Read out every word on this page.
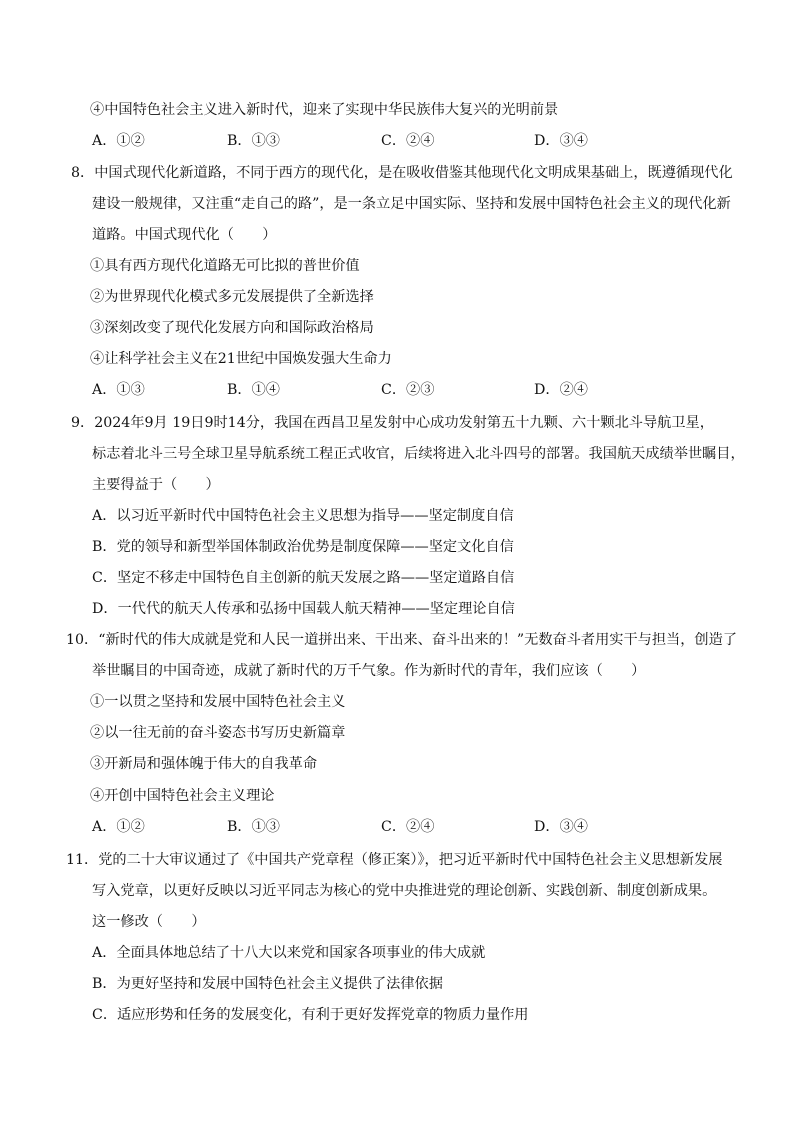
④中国特色社会主义进入新时代，迎来了实现中华民族伟大复兴的光明前景
A．①②	B．①③	C．②④	D．③④
8．中国式现代化新道路，不同于西方的现代化，是在吸收借鉴其他现代化文明成果基础上，既遵循现代化
建设一般规律，又注重“走自己的路”，是一条立足中国实际、坚持和发展中国特色社会主义的现代化新
道路。中国式现代化（　　）
①具有西方现代化道路无可比拟的普世价值
②为世界现代化模式多元发展提供了全新选择
③深刻改变了现代化发展方向和国际政治格局
④让科学社会主义在21世纪中国焕发强大生命力
A．①③	B．①④	C．②③	D．②④
9．2024年9月 19日9时14分，我国在西昌卫星发射中心成功发射第五十九颗、六十颗北斗导航卫星，
标志着北斗三号全球卫星导航系统工程正式收官，后续将进入北斗四号的部署。我国航天成绩举世瞩目，
主要得益于（　　）
A．以习近平新时代中国特色社会主义思想为指导——坚定制度自信
B．党的领导和新型举国体制政治优势是制度保障——坚定文化自信
C．坚定不移走中国特色自主创新的航天发展之路——坚定道路自信
D．一代代的航天人传承和弘扬中国载人航天精神——坚定理论自信
10．“新时代的伟大成就是党和人民一道拼出来、干出来、奋斗出来的！”无数奋斗者用实干与担当，创造了
举世瞩目的中国奇迹，成就了新时代的万千气象。作为新时代的青年，我们应该（　　）
①一以贯之坚持和发展中国特色社会主义
②以一往无前的奋斗姿态书写历史新篇章
③开新局和强体魄于伟大的自我革命
④开创中国特色社会主义理论
A．①②	B．①③	C．②④	D．③④
11．党的二十大审议通过了《中国共产党章程（修正案）》，把习近平新时代中国特色社会主义思想新发展
写入党章，以更好反映以习近平同志为核心的党中央推进党的理论创新、实践创新、制度创新成果。
这一修改（　　）
A．全面具体地总结了十八大以来党和国家各项事业的伟大成就
B．为更好坚持和发展中国特色社会主义提供了法律依据
C．适应形势和任务的发展变化，有利于更好发挥党章的物质力量作用
